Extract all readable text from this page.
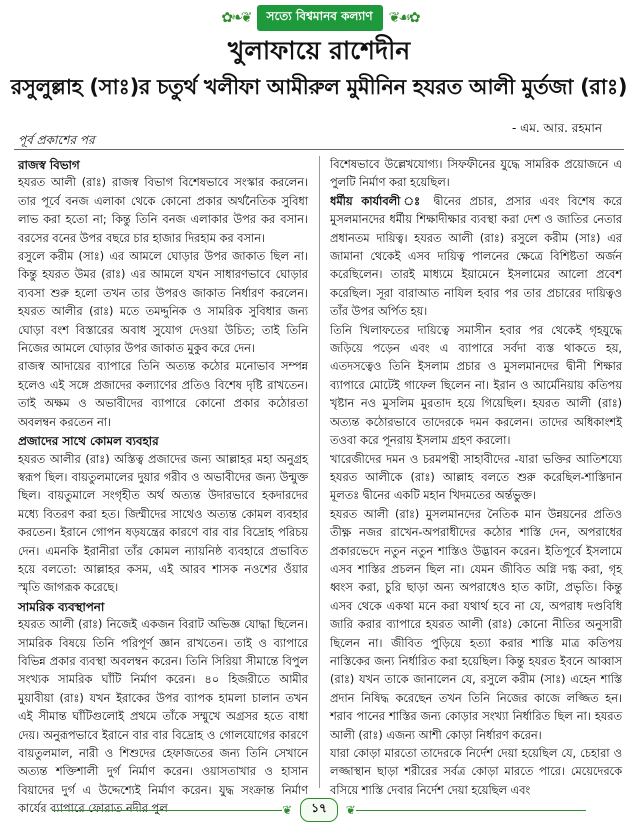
✿❧❦	সত্যে বিশ্বমানব কল্যাণ	❦☙✿
খুলাফায়ে রাশেদীন
রসুলুল্লাহ (সাঃ)র চতুর্থ খলীফা আমীরুল মুমীনিন হযরত আলী মুর্তজা (রাঃ)
- এম. আর. রহমান
পূর্ব প্রকাশের পর

রাজস্ব বিভাগ

হযরত আলী (রাঃ) রাজস্ব বিভাগ বিশেষভাবে সংস্কার করলেন। তার পূর্বে বনজ এলাকা থেকে কোনো প্রকার অর্থনৈতিক সুবিধা লাভ করা হতো না; কিন্তু তিনি বনজ এলাকার উপর কর বসান। বরসের বনের উপর বছরে চার হাজার দিরহাম কর বসান।

রসুলে করীম (সাঃ) এর আমলে ঘোড়ার উপর জাকাত ছিল না। কিন্তু হযরত উমর (রাঃ) এর আমলে যখন সাধারণভাবে ঘোড়ার ব্যবসা শুরু হলো তখন তার উপরও জাকাত নির্ধারণ করলেন। হযরত আলীর (রাঃ) মতে তমদ্দুনিক ও সামরিক সুবিধার জন্য ঘোড়া বংশ বিস্তারের অবাধ সুযোগ দেওয়া উচিত; তাই তিনি নিজের আমলে ঘোড়ার উপর জাকাত মুকুব করে দেন।

রাজস্ব আদায়ের ব্যাপারে তিনি অত্যন্ত কঠোর মনোভাব সম্পন্ন হলেও এই সঙ্গে প্রজাদের কল্যাণের প্রতিও বিশেষ দৃষ্টি রাখতেন। তাই অক্ষম ও অভাবীদের ব্যাপারে কোনো প্রকার কঠোরতা অবলম্বন করতেন না।

প্রজাদের সাথে কোমল ব্যবহার

হযরত আলীর (রাঃ) অস্তিত্ব প্রজাদের জন্য আল্লাহর মহা অনুগ্রহ স্বরূপ ছিল। বায়তুলমালের দুয়ার গরীব ও অভাবীদের জন্য উন্মুক্ত ছিল। বায়তুমালে সংগৃহীত অর্থ অত্যন্ত উদারভাবে হকদারদের মধ্যে বিতরণ করা হত। জিম্মীদের সাথেও অত্যন্ত কোমল ব্যবহার করতেন। ইরানে গোপন ষড়যন্ত্রের কারণে বার বার বিদ্রোহ পরিচয় দেন। এমনকি ইরানীরা তাঁর কোমল ন্যায়নিষ্ঠ ব্যবহারে প্রভাবিত হয়ে বলতো: আল্লাহর কসম, এই আরব শাসক নওশের ওঁয়ার স্মৃতি জাগরূক করেছে।

সামরিক ব্যবস্থাপনা

হযরত আলী (রাঃ) নিজেই একজন বিরাট অভিজ্ঞ যোদ্ধা ছিলেন। সামরিক বিষয়ে তিনি পরিপূর্ণ জ্ঞান রাখতেন। তাই ও ব্যাপারে বিভিন্ন প্রকার ব্যবস্থা অবলম্বন করেন। তিনি সিরিয়া সীমান্তে বিপুল সংখ্যক সামরিক ঘাঁটি নির্মাণ করেন। ৪০ হিজরীতে আমীর মুয়াবীয়া (রাঃ) যখন ইরাকের উপর ব্যাপক হামলা চালান তখন এই সীমান্ত ঘাঁটিগুলোই প্রথমে তাঁকে সম্মুখে অগ্রসর হতে বাধা দেয়। অনুরূপভাবে ইরানে বার বার বিদ্রোহ ও গোলযোগের কারণে বায়তুলমাল, নারী ও শিশুদের হেফাজতের জন্য তিনি সেখানে অত্যন্ত শক্তিশালী দুর্গ নির্মাণ করেন। ওয়াসতাখার ও হাসান বিয়াদের দুর্গ এ উদ্দেশ্যেই নির্মাণ করেন। যুদ্ধ সংক্রান্ত নির্মাণ কার্যের ব্যাপারে ফোরাত নদীর পুল

বিশেষভাবে উল্লেখযোগ্য। সিফফীনের যুদ্ধে সামরিক প্রয়োজনে এ পুলটি নির্মাণ করা হয়েছিল।

ধর্মীয় কার্যাবলী ঃ দ্বীনের প্রচার, প্রসার এবং বিশেষ করে মুসলমানদের ধর্মীয় শিক্ষাদীক্ষার ব্যবস্থা করা দেশ ও জাতির নেতার প্রধানতম দায়িত্ব। হযরত আলী (রাঃ) রসুলে করীম (সাঃ) এর জামানা থেকেই এসব দায়িত্ব পালনের ক্ষেত্রে বিশিষ্টতা অর্জন করেছিলেন। তারই মাধ্যমে ইয়ামেনে ইসলামের আলো প্রবেশ করেছিল। সূরা বারাআত নাযিল হবার পর তার প্রচারের দায়িত্বও তাঁর উপর অর্পিত হয়।

তিনি খিলাফতের দায়িত্বে সমাসীন হবার পর থেকেই গৃহযুদ্ধে জড়িয়ে পড়েন এবং এ ব্যাপারে সর্বদা ব্যস্ত থাকতে হয়, এতদসত্বেও তিনি ইসলাম প্রচার ও মুসলমানদের দ্বীনী শিক্ষার ব্যাপারে মোটেই গাফেল ছিলেন না। ইরান ও আর্মেনিয়ায় কতিপয় খৃষ্টান নও মুসলিম মুরতাদ হয়ে গিয়েছিল। হযরত আলী (রাঃ) অত্যন্ত কঠোরভাবে তাদেরকে দমন করলেন। তাদের অধিকাংশই তওবা করে পূনরায় ইসলাম গ্রহণ করলো।

খারেজীদের দমন ও চরমপন্থী সাহাবীদের -যারা ভক্তির আতিশয্যে হযরত আলীকে (রাঃ) আল্লাহ বলতে শুরু করেছিল-শাস্তিদান মূলতঃ দ্বীনের একটি মহান খিদমতের অর্ন্তভুক্ত।

হযরত আলী (রাঃ) মুসলমানদের নৈতিক মান উন্নয়নের প্রতিও তীক্ষ্ণ নজর রাখেন-অপরাধীদের কঠোর শাস্তি দেন, অপরাধের প্রকারভেদে নতুন নতুন শাস্তিও উদ্ভাবন করেন। ইতিপূর্বে ইসলামে এসব শাস্তির প্রচলন ছিল না। যেমন জীবিত অগ্নি দগ্ধ করা, গৃহ ধ্বংস করা, চুরি ছাড়া অন্য অপরাধেও হাত কাটা, প্রভৃতি। কিন্তু এসব থেকে একথা মনে করা যথার্থ হবে না যে, অপরাধ দণ্ডবিধি জারি করার ব্যাপারে হযরত আলী (রাঃ) কোনো নীতির অনুসারী ছিলেন না। জীবিত পুড়িয়ে হত্যা করার শাস্তি মাত্র কতিপয় নাস্তিকের জন্য নির্ধারিত করা হয়েছিল। কিন্তু হযরত ইবনে আব্বাস (রাঃ) যখন তাকে জানালেন যে, রসুলে করীম (সাঃ) এহেন শাস্তি প্রদান নিষিদ্ধ করেছেন তখন তিনি নিজের কাজে লজ্জিত হন। শরাব পানের শাস্তির জন্য কোড়ার সংখ্যা নির্ধারিত ছিল না। হযরত আলী (রাঃ) এজন্য আশী কোড়া নির্ধারণ করেন।

যারা কোড়া মারতো তাদেরকে নির্দেশ দেয়া হয়েছিল যে, চেহারা ও লজ্জাস্থান ছাড়া শরীরের সর্বত্র কোড়া মারতে পারে। মেয়েদেরকে বসিয়ে শাস্তি দেবার নির্দেশ দেয়া হয়েছিল এবং

❦	১৭	❦
